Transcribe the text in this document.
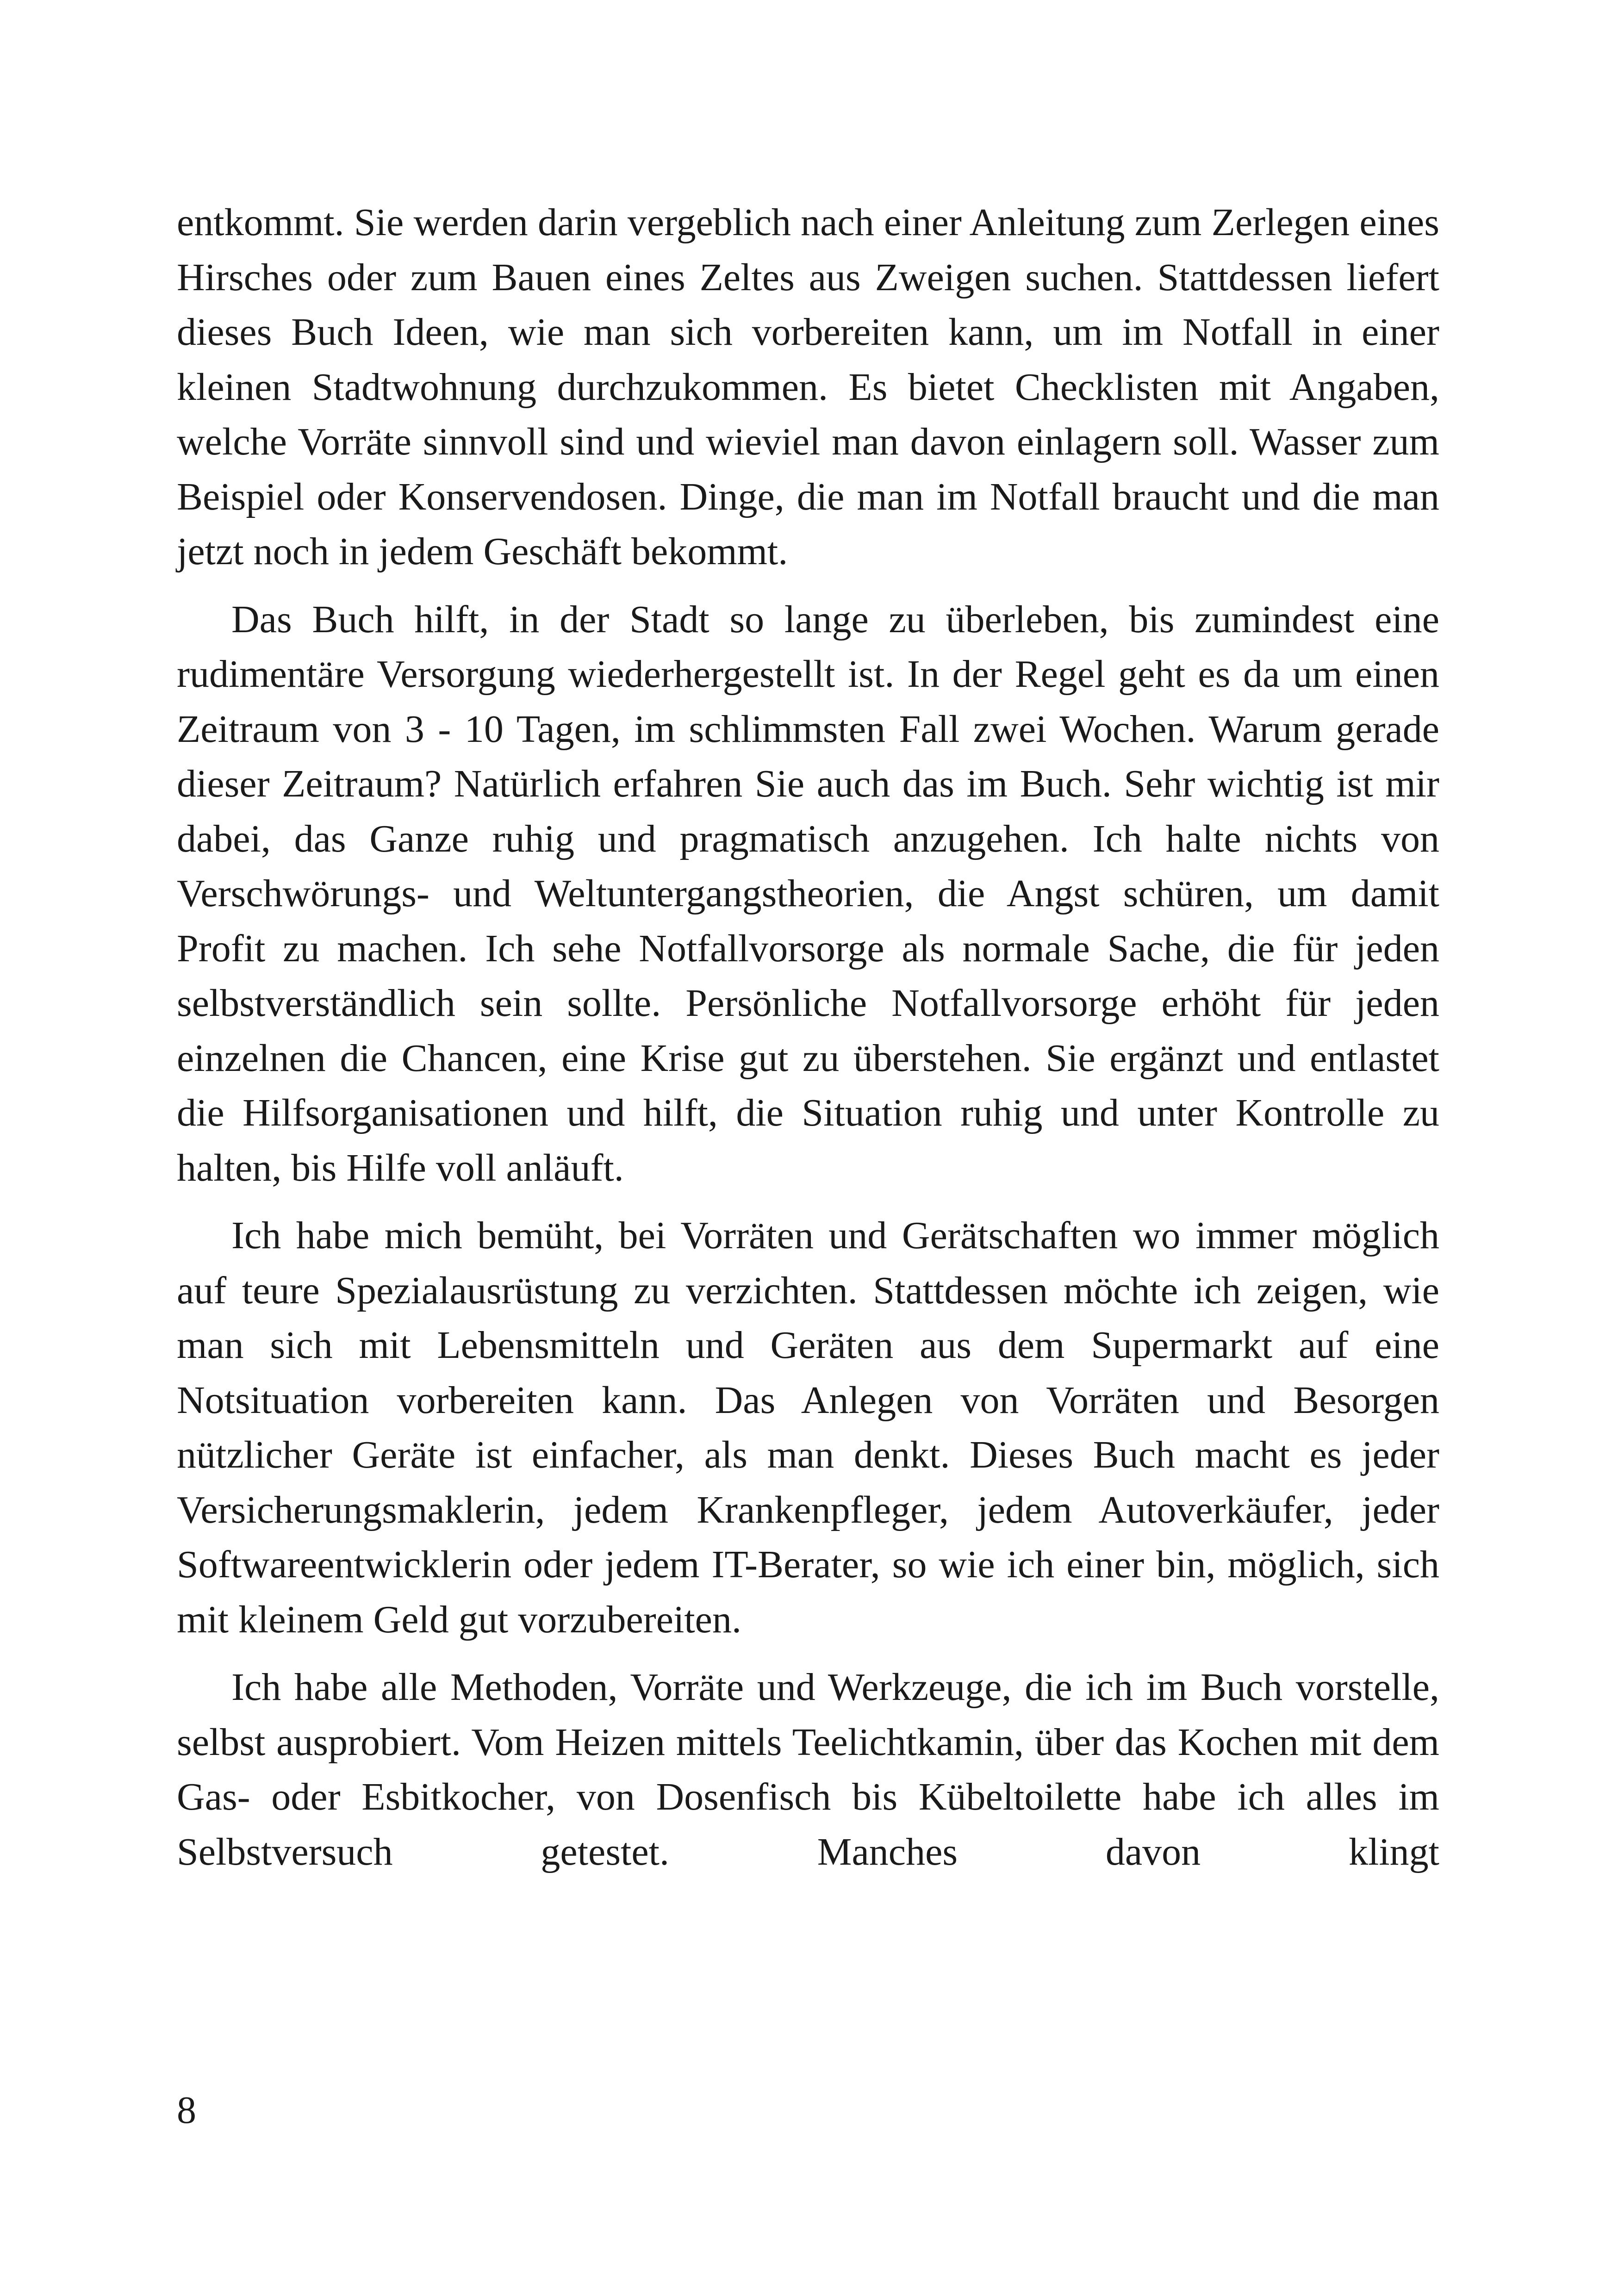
entkommt. Sie werden darin vergeblich nach einer Anleitung zum Zerlegen eines Hirsches oder zum Bauen eines Zeltes aus Zweigen suchen. Stattdessen liefert dieses Buch Ideen, wie man sich vorbereiten kann, um im Notfall in einer kleinen Stadtwohnung durchzukommen. Es bietet Checklisten mit Angaben, welche Vorräte sinnvoll sind und wieviel man davon einlagern soll. Wasser zum Beispiel oder Konservendosen. Dinge, die man im Notfall braucht und die man jetzt noch in jedem Geschäft bekommt.

Das Buch hilft, in der Stadt so lange zu überleben, bis zumindest eine rudimentäre Versorgung wiederhergestellt ist. In der Regel geht es da um einen Zeitraum von 3 - 10 Tagen, im schlimmsten Fall zwei Wochen. Warum gerade dieser Zeitraum? Natürlich erfahren Sie auch das im Buch. Sehr wichtig ist mir dabei, das Ganze ruhig und pragmatisch anzugehen. Ich halte nichts von Verschwörungs- und Weltuntergangstheorien, die Angst schüren, um damit Profit zu machen. Ich sehe Notfallvorsorge als normale Sache, die für jeden selbstverständlich sein sollte. Persönliche Notfallvorsorge erhöht für jeden einzelnen die Chancen, eine Krise gut zu überstehen. Sie ergänzt und entlastet die Hilfsorganisationen und hilft, die Situation ruhig und unter Kontrolle zu halten, bis Hilfe voll anläuft.

Ich habe mich bemüht, bei Vorräten und Gerätschaften wo immer möglich auf teure Spezialausrüstung zu verzichten. Stattdessen möchte ich zeigen, wie man sich mit Lebensmitteln und Geräten aus dem Supermarkt auf eine Notsituation vorbereiten kann. Das Anlegen von Vorräten und Besorgen nützlicher Geräte ist einfacher, als man denkt. Dieses Buch macht es jeder Versicherungsmaklerin, jedem Krankenpfleger, jedem Autoverkäufer, jeder Softwareentwicklerin oder jedem IT-Berater, so wie ich einer bin, möglich, sich mit kleinem Geld gut vorzubereiten.

Ich habe alle Methoden, Vorräte und Werkzeuge, die ich im Buch vorstelle, selbst ausprobiert. Vom Heizen mittels Teelichtkamin, über das Kochen mit dem Gas- oder Esbitkocher, von Dosenfisch bis Kübeltoilette habe ich alles im Selbstversuch getestet. Manches davon klingt

8
